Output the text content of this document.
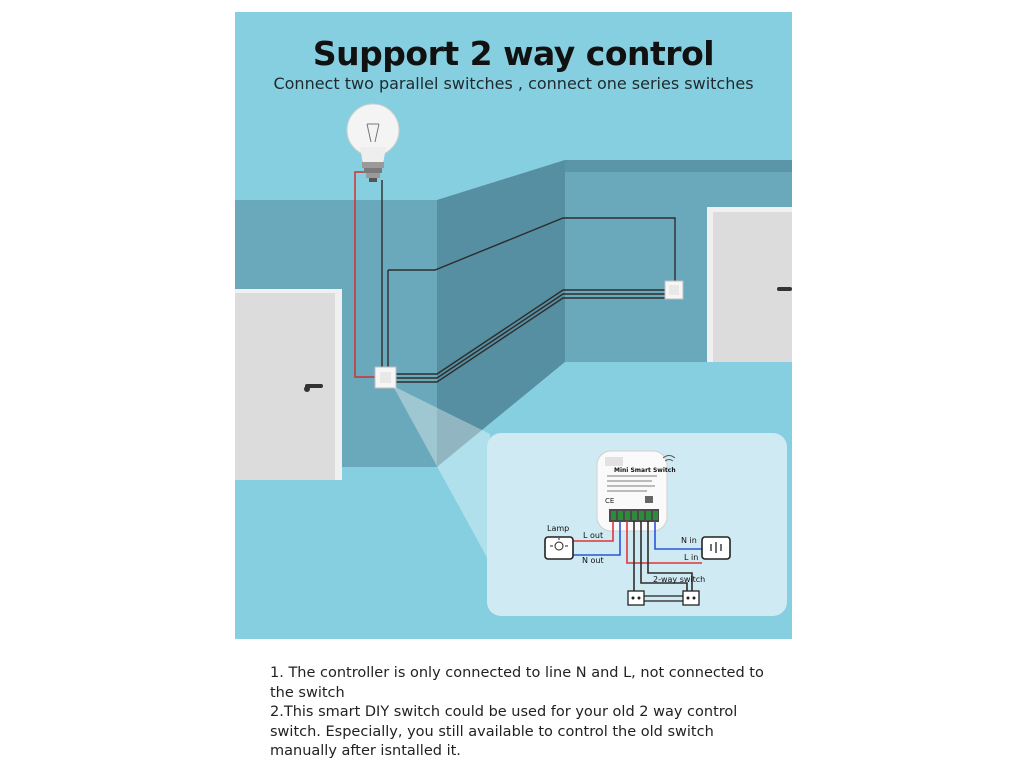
Support 2 way control
Connect two parallel switches , connect one series switches
CE
Mini Smart Switch
Lamp
L out
N out
N in
L in
2-way switch

1. The controller is only connected to line N and L, not connected to the switch

2.This smart DIY switch could be used for your old 2 way control switch. Especially, you still available to control the old switch manually after isntalled it.
